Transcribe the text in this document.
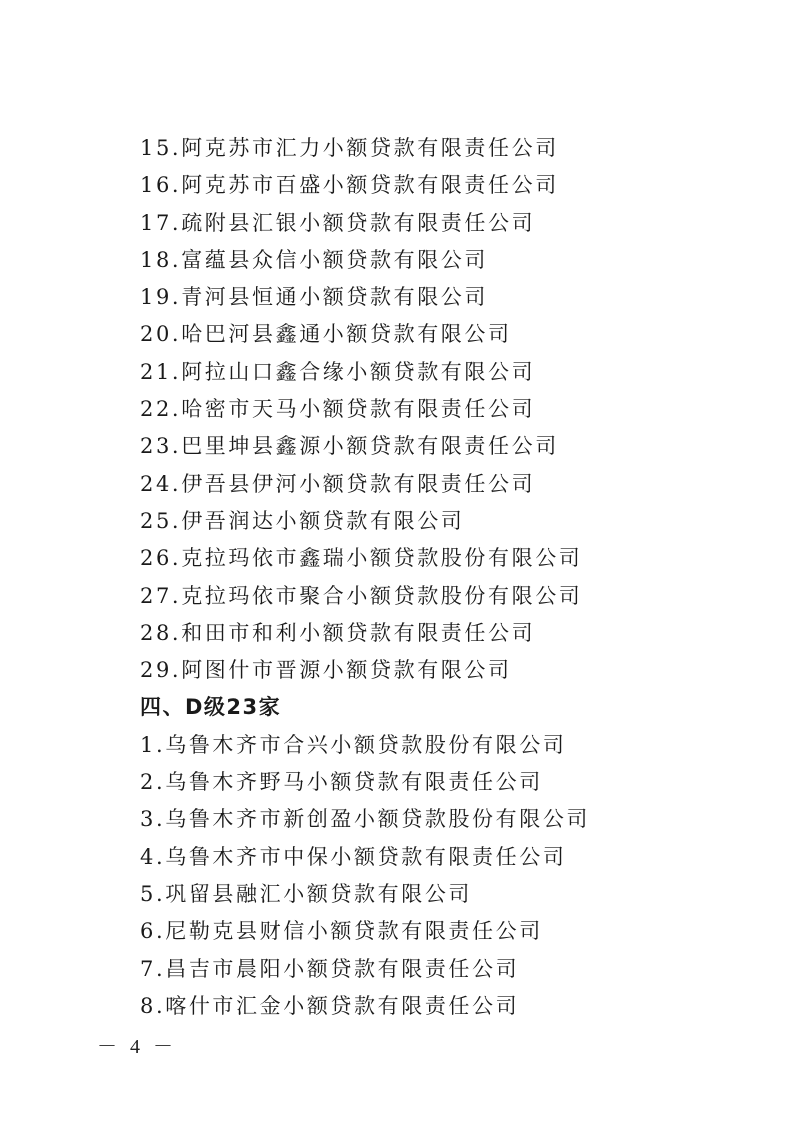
15.阿克苏市汇力小额贷款有限责任公司
16.阿克苏市百盛小额贷款有限责任公司
17.疏附县汇银小额贷款有限责任公司
18.富蕴县众信小额贷款有限公司
19.青河县恒通小额贷款有限公司
20.哈巴河县鑫通小额贷款有限公司
21.阿拉山口鑫合缘小额贷款有限公司
22.哈密市天马小额贷款有限责任公司
23.巴里坤县鑫源小额贷款有限责任公司
24.伊吾县伊河小额贷款有限责任公司
25.伊吾润达小额贷款有限公司
26.克拉玛依市鑫瑞小额贷款股份有限公司
27.克拉玛依市聚合小额贷款股份有限公司
28.和田市和利小额贷款有限责任公司
29.阿图什市晋源小额贷款有限公司
四、D级23家
1.乌鲁木齐市合兴小额贷款股份有限公司
2.乌鲁木齐野马小额贷款有限责任公司
3.乌鲁木齐市新创盈小额贷款股份有限公司
4.乌鲁木齐市中保小额贷款有限责任公司
5.巩留县融汇小额贷款有限公司
6.尼勒克县财信小额贷款有限责任公司
7.昌吉市晨阳小额贷款有限责任公司
8.喀什市汇金小额贷款有限责任公司
－ 4 －
